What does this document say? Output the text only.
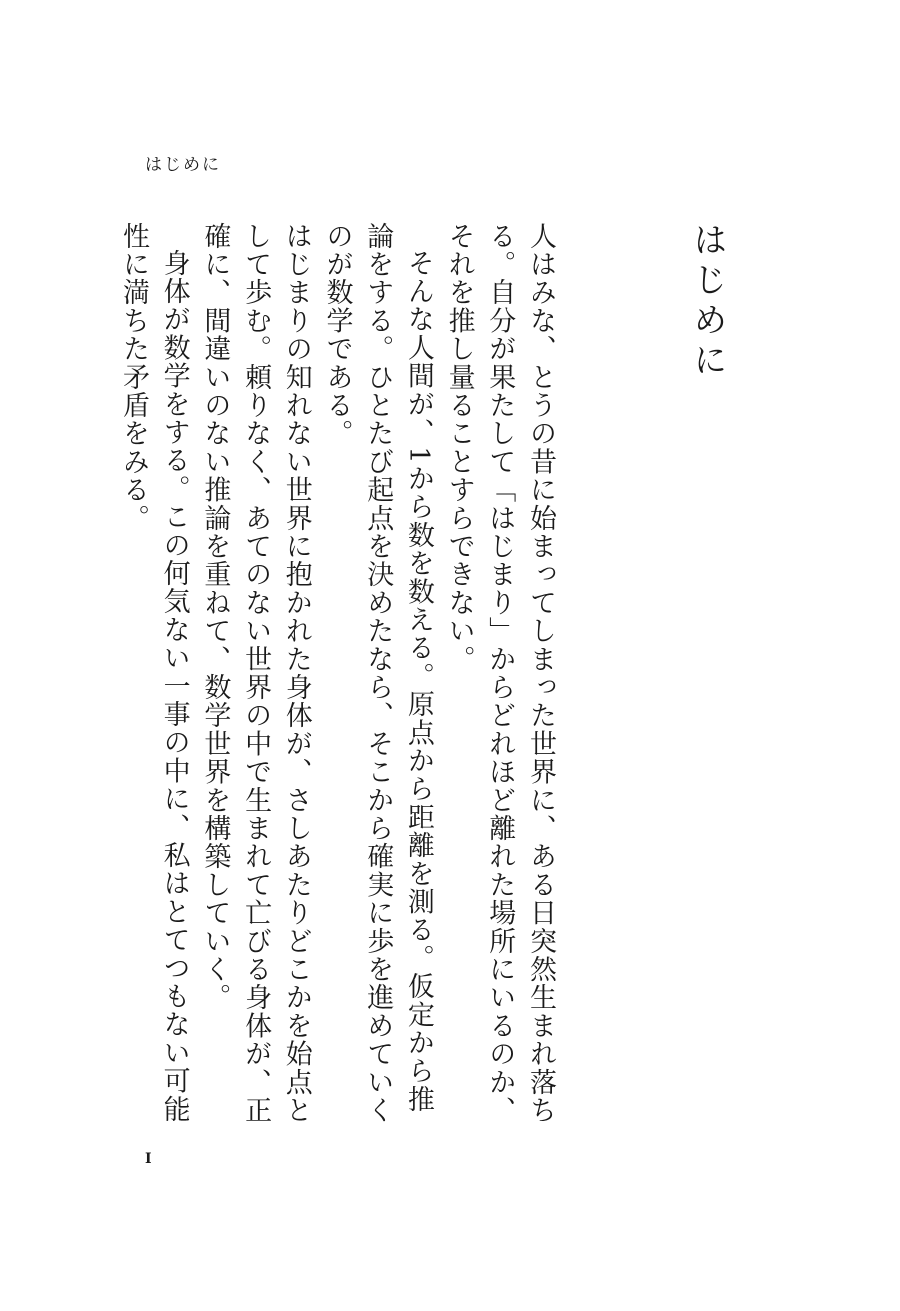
はじめに
はじめに

人はみな、とうの昔に始まってしまった世界に、ある日突然生まれ落ちる。自分が果たして「はじまり」からどれほど離れた場所にいるのか、それを推し量ることすらできない。

そんな人間が、1から数を数える。原点から距離を測る。仮定から推論をする。ひとたび起点を決めたなら、そこから確実に歩を進めていくのが数学である。

はじまりの知れない世界に抱かれた身体が、さしあたりどこかを始点として歩む。頼りなく、あてのない世界の中で生まれて亡びる身体が、正確に、間違いのない推論を重ねて、数学世界を構築していく。

身体が数学をする。この何気ない一事の中に、私はとてつもない可能性に満ちた矛盾をみる。

I
